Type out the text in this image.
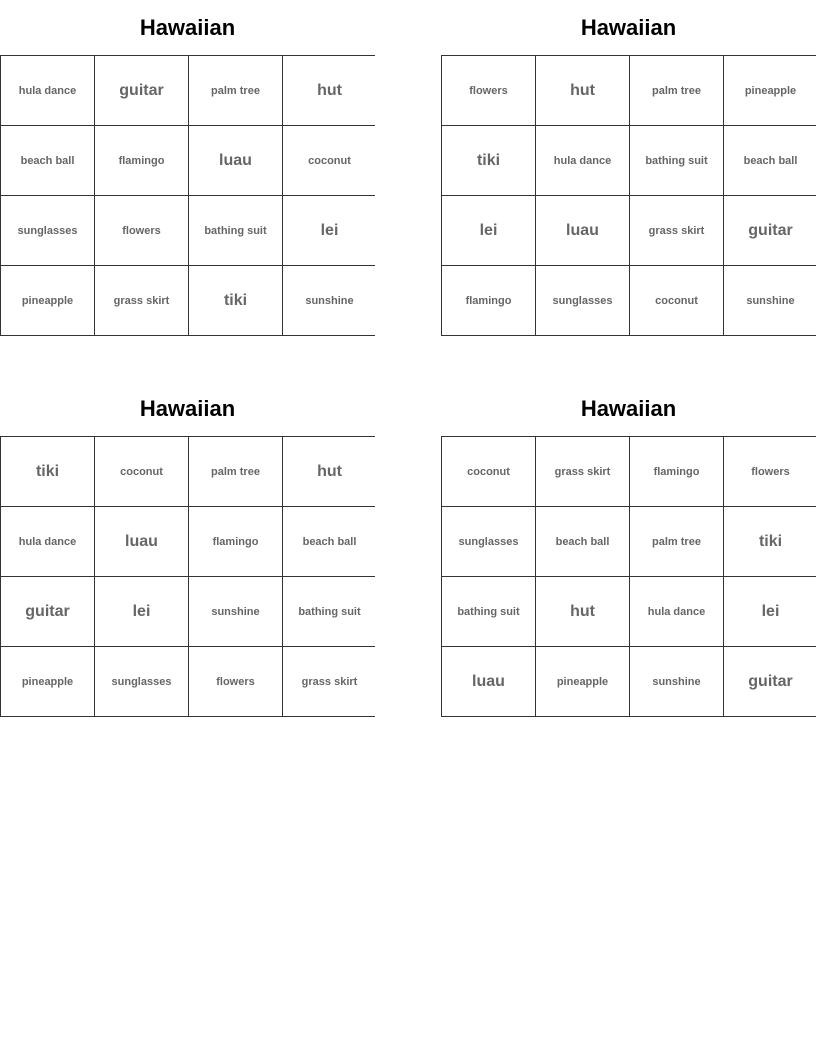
Hawaiian
hula dance	guitar	palm tree	hut
beach ball	flamingo	luau	coconut
sunglasses	flowers	bathing suit	lei
pineapple	grass skirt	tiki	sunshine
Hawaiian
flowers	hut	palm tree	pineapple
tiki	hula dance	bathing suit	beach ball
lei	luau	grass skirt	guitar
flamingo	sunglasses	coconut	sunshine
Hawaiian
tiki	coconut	palm tree	hut
hula dance	luau	flamingo	beach ball
guitar	lei	sunshine	bathing suit
pineapple	sunglasses	flowers	grass skirt
Hawaiian
coconut	grass skirt	flamingo	flowers
sunglasses	beach ball	palm tree	tiki
bathing suit	hut	hula dance	lei
luau	pineapple	sunshine	guitar
